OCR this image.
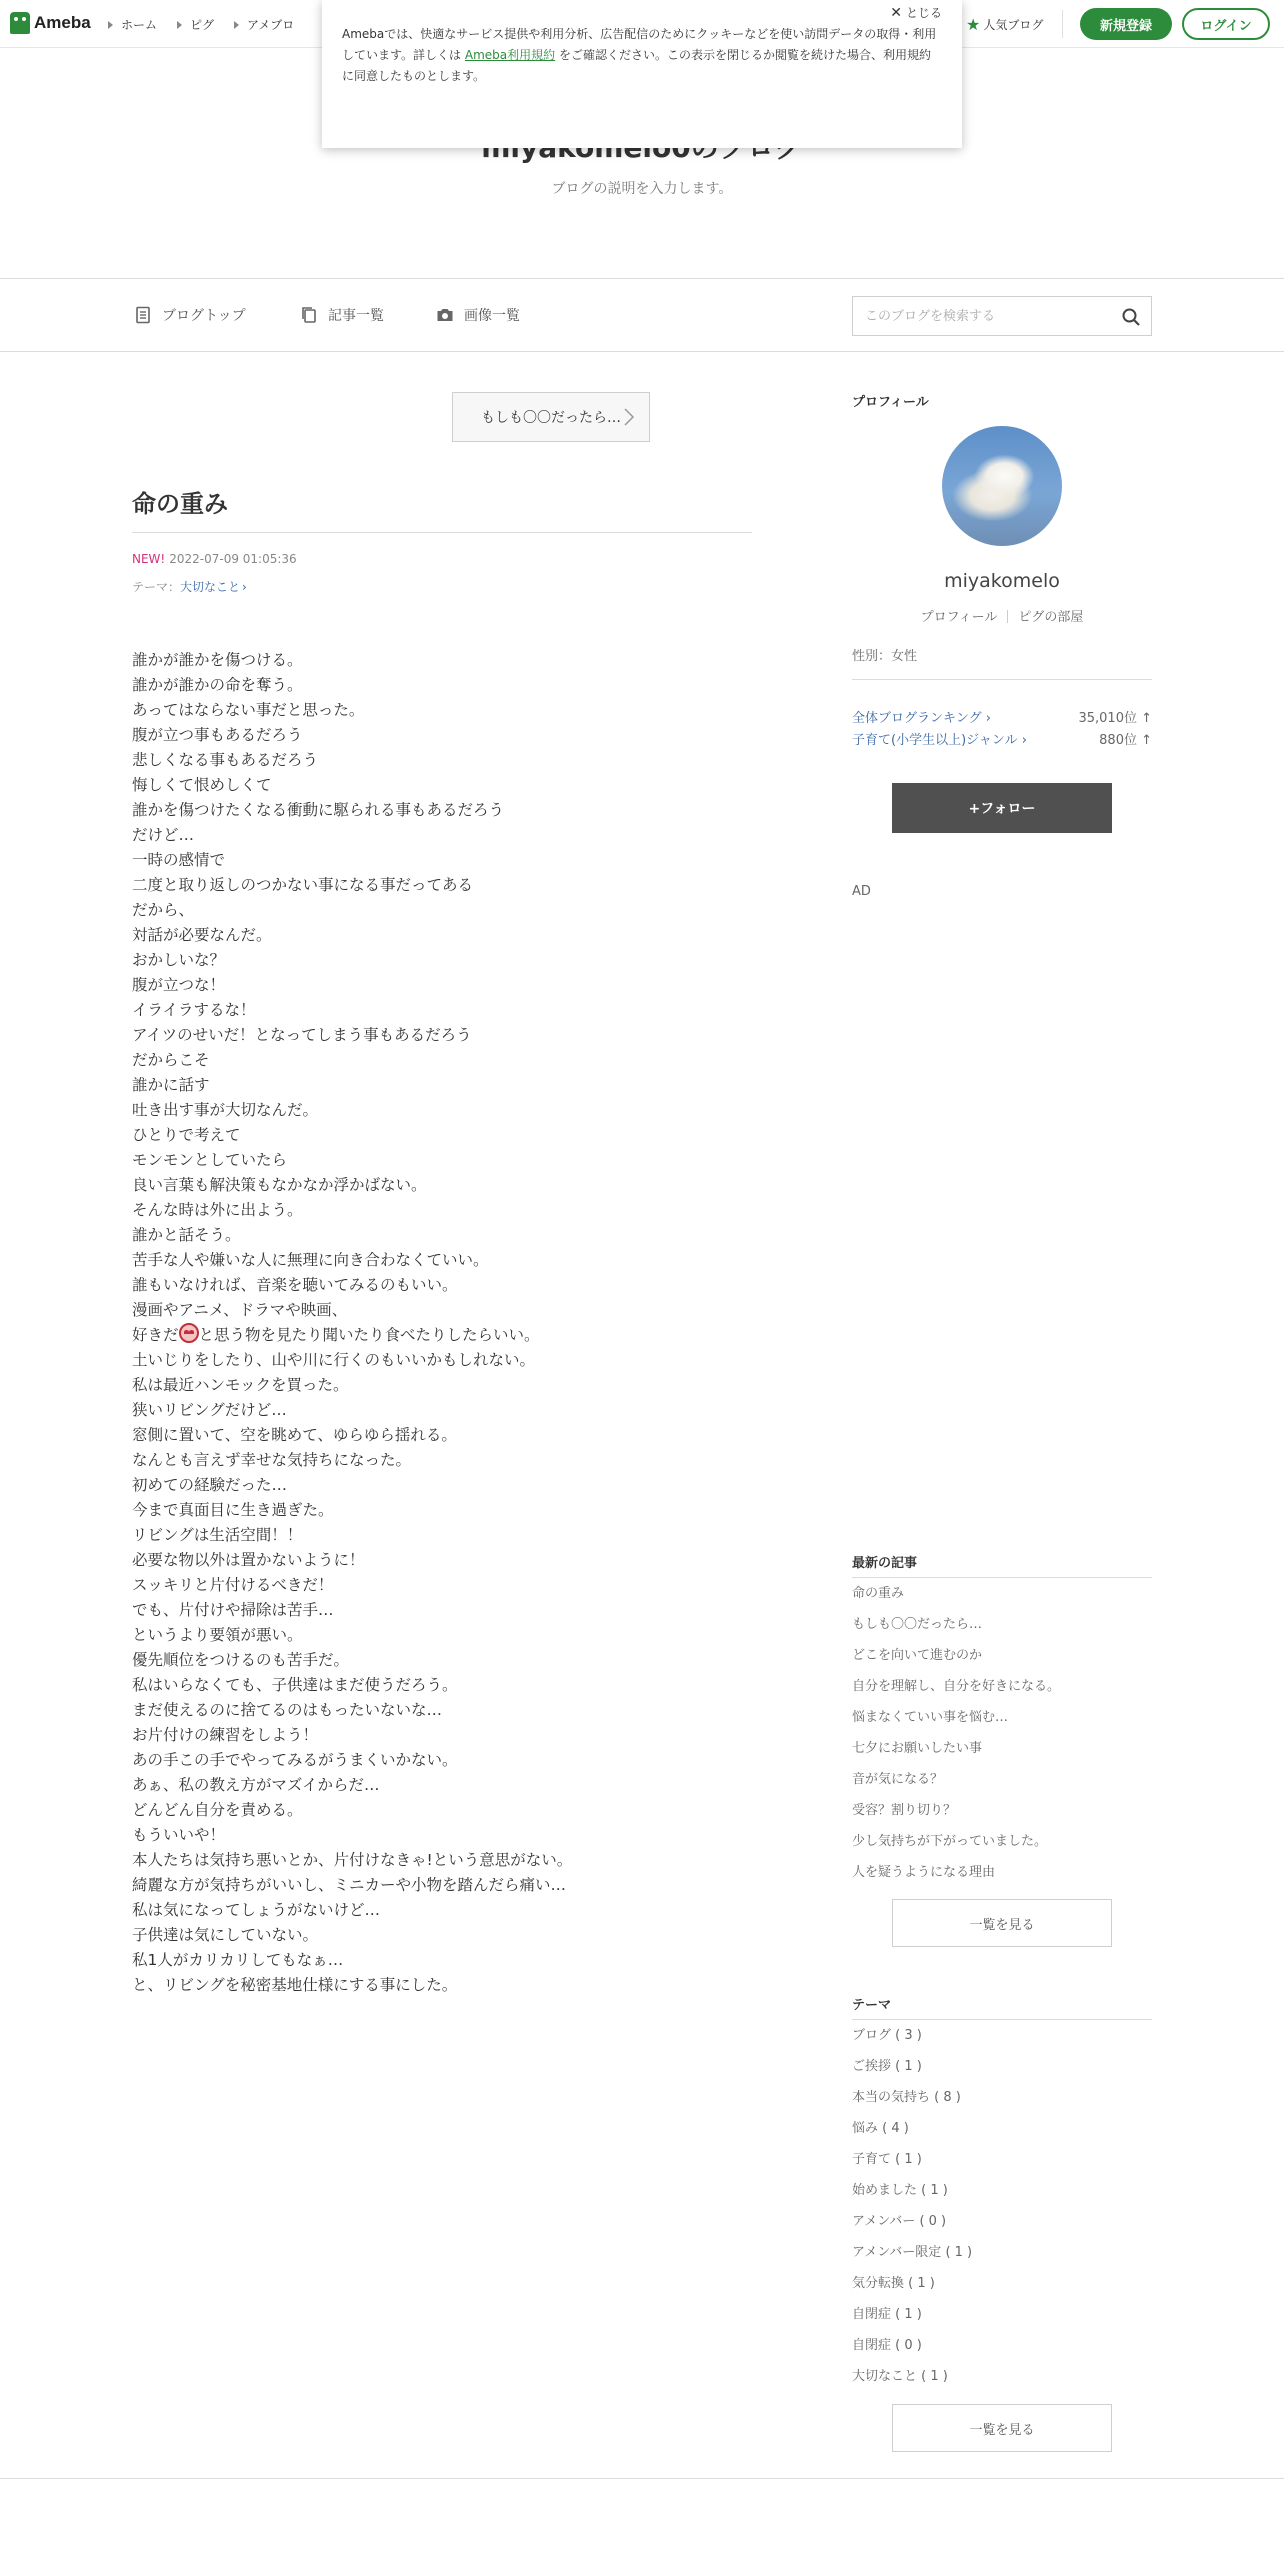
Ameba	ホーム	ピグ	アメブロ	★ 人気ブログ	新規登録	ログイン
ブログの説明を入力します。
Amebaでは、快適なサービス提供や利用分析、広告配信のためにクッキーなどを使い訪問データの取得・利用しています。詳しくは Ameba利用規約 をご確認ください。この表示を閉じるか閲覧を続けた場合、利用規約に同意したものとします。
✕ とじる
ブログトップ	記事一覧	画像一覧
このブログを検索する
もしも〇〇だったら…
命の重み
NEW! 2022-07-09 01:05:36
テーマ： 大切なこと ›

誰かが誰かを傷つける。

誰かが誰かの命を奪う。

あってはならない事だと思った。

腹が立つ事もあるだろう

悲しくなる事もあるだろう

悔しくて恨めしくて

誰かを傷つけたくなる衝動に駆られる事もあるだろう

だけど…

一時の感情で

二度と取り返しのつかない事になる事だってある

だから、

対話が必要なんだ。

おかしいな？

腹が立つな！

イライラするな！

アイツのせいだ！となってしまう事もあるだろう

だからこそ

誰かに話す

吐き出す事が大切なんだ。

ひとりで考えて

モンモンとしていたら

良い言葉も解決策もなかなか浮かばない。

そんな時は外に出よう。

誰かと話そう。

苦手な人や嫌いな人に無理に向き合わなくていい。

誰もいなければ、音楽を聴いてみるのもいい。

漫画やアニメ、ドラマや映画、

好きだ と思う物を見たり聞いたり食べたりしたらいい。

土いじりをしたり、山や川に行くのもいいかもしれない。

私は最近ハンモックを買った。

狭いリビングだけど…

窓側に置いて、空を眺めて、ゆらゆら揺れる。

なんとも言えず幸せな気持ちになった。

初めての経験だった…

今まで真面目に生き過ぎた。

リビングは生活空間！！

必要な物以外は置かないように！

スッキリと片付けるべきだ！

でも、片付けや掃除は苦手…

というより要領が悪い。

優先順位をつけるのも苦手だ。

私はいらなくても、子供達はまだ使うだろう。

まだ使えるのに捨てるのはもったいないな…

お片付けの練習をしよう！

あの手この手でやってみるがうまくいかない。

あぁ、私の教え方がマズイからだ…

どんどん自分を責める。

もういいや！

本人たちは気持ち悪いとか、片付けなきゃ!という意思がない。

綺麗な方が気持ちがいいし、ミニカーや小物を踏んだら痛い…

私は気になってしょうがないけど…

子供達は気にしていない。

私1人がカリカリしてもなぁ…

と、リビングを秘密基地仕様にする事にした。

プロフィール
miyakomelo
プロフィール ピグの部屋
性別：女性
全体ブログランキング ›	35,010位 ↑
子育て(小学生以上)ジャンル ›	880位 ↑
+フォロー
AD
最新の記事
命の重み
もしも〇〇だったら…
どこを向いて進むのか
自分を理解し、自分を好きになる。
悩まなくていい事を悩む…
七夕にお願いしたい事
音が気になる？
受容？割り切り？
少し気持ちが下がっていました。
人を疑うようになる理由
一覧を見る
テーマ
ブログ ( 3 )
ご挨拶 ( 1 )
本当の気持ち ( 8 )
悩み ( 4 )
子育て ( 1 )
始めました ( 1 )
アメンバー ( 0 )
アメンバー限定 ( 1 )
気分転換 ( 1 )
自閉症 ( 1 )
自閉症 ( 0 )
大切なこと ( 1 )
一覧を見る
